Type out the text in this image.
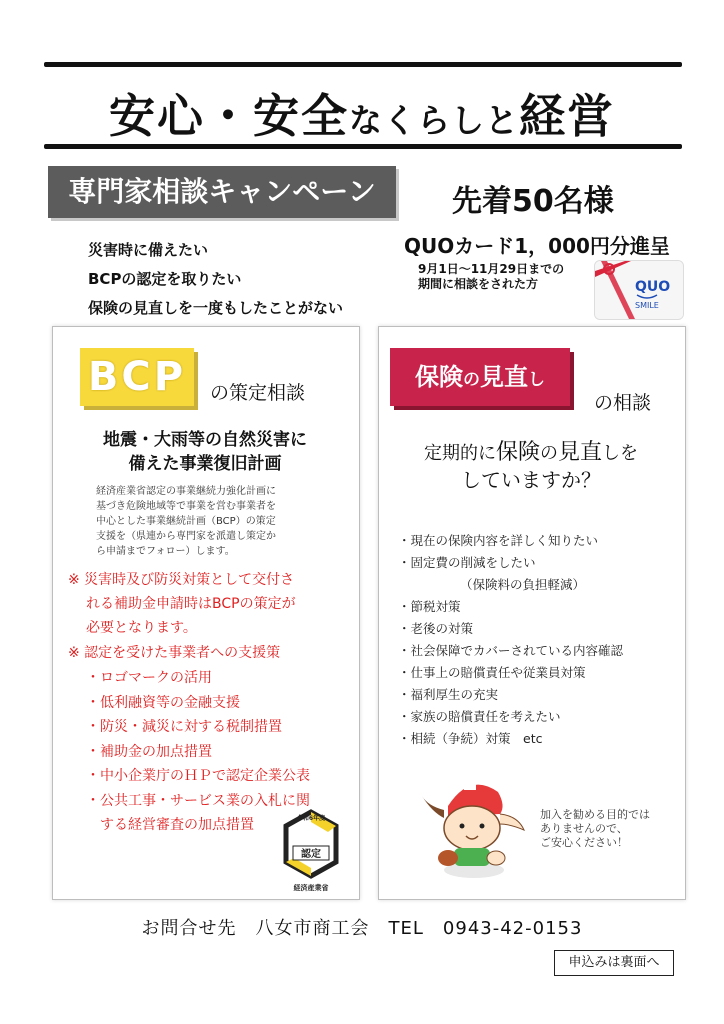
安心・安全なくらしと経営
専門家相談キャンペーン	先着50名様
QUOカード1，000円分進呈
9月1日～11月29日までの
期間に相談をされた方
災害時に備えたい
BCPの認定を取りたい
保険の見直しを一度もしたことがない
QUO
SMILE
BCP	の策定相談
地震・大雨等の自然災害に
備えた事業復旧計画
経済産業省認定の事業継続力強化計画に
基づき危険地域等で事業を営む事業者を
中心とした事業継続計画（BCP）の策定
支援を（県連から専門家を派遣し策定か
ら申請までフォロー）します。
※ 災害時及び防災対策として交付さ
れる補助金申請時はBCPの策定が
必要となります。
※ 認定を受けた事業者への支援策
・ロゴマークの活用
・低利融資等の金融支援
・防災・減災に対する税制措置
・補助金の加点措置
・中小企業庁のＨＰで認定企業公表
・公共工事・サービス業の入札に関
　する経営審査の加点措置	令和6年度
認定
経済産業省
保険の見直し
の相談
定期的に保険の見直しを
していますか？
・現在の保険内容を詳しく知りたい
・固定費の削減をしたい
（保険料の負担軽減）
・節税対策
・老後の対策
・社会保障でカバーされている内容確認
・仕事上の賠償責任や従業員対策
・福利厚生の充実
・家族の賠償責任を考えたい
・相続（争続）対策　etc
加入を勧める目的では
ありませんので、
ご安心ください！
お問合せ先　八女市商工会　TEL　0943-42-0153
申込みは裏面へ
